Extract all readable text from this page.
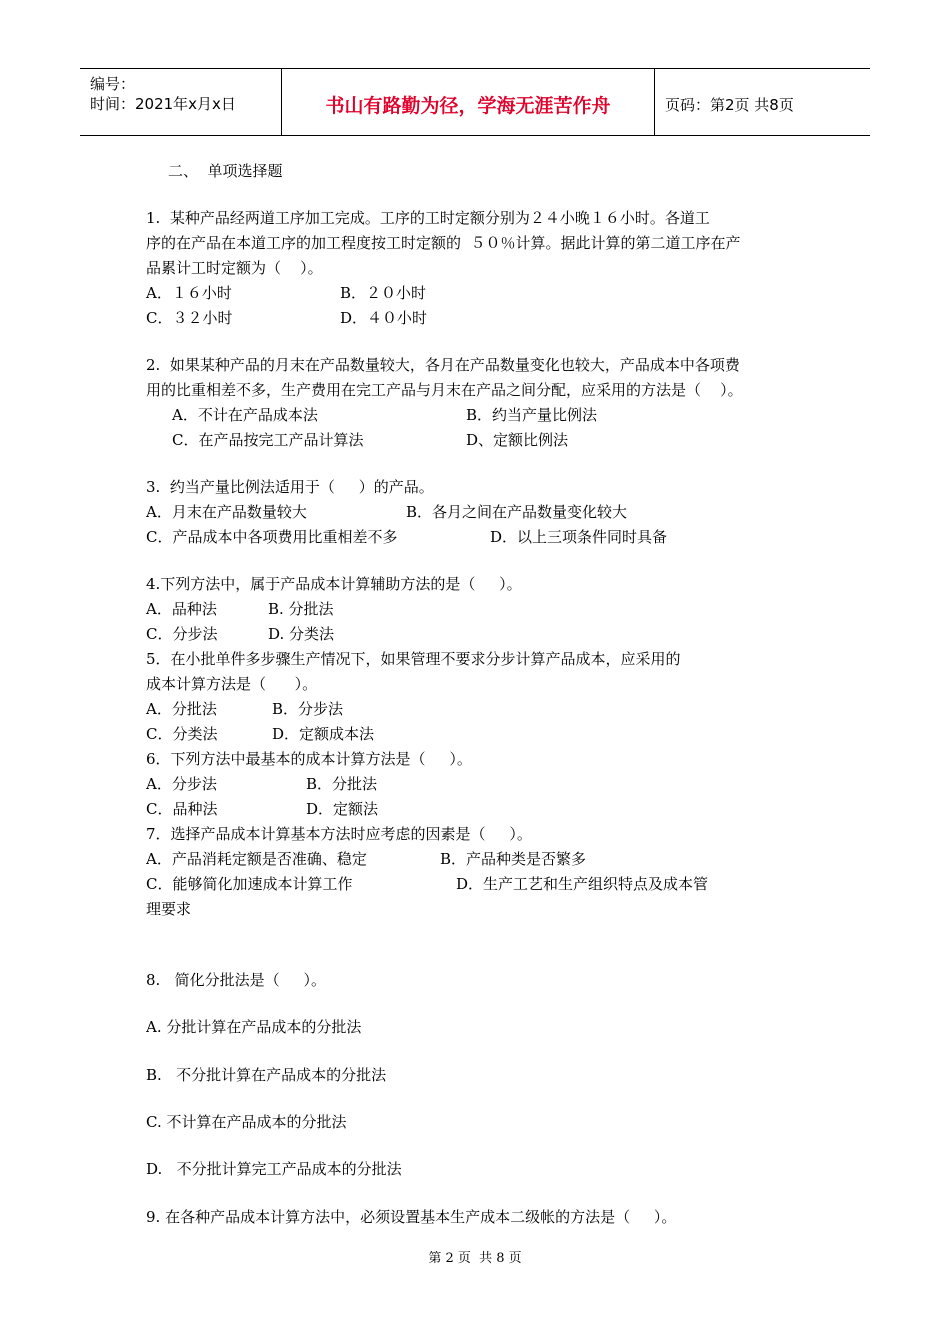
编号：
时间：2021年x月x日	书山有路勤为径，学海无涯苦作舟	页码：第2页 共8页
二、  单项选择题
1.  某种产品经两道工序加工完成。工序的工时定额分别为２４小晚１６小时。各道工
序的在产品在本道工序的加工程度按工时定额的  ５０％计算。据此计算的第二道工序在产
品累计工时定额为（    ）。
A．１６小时	B．２０小时
C．３２小时	D．４０小时
2.  如果某种产品的月末在产品数量较大，各月在产品数量变化也较大，产品成本中各项费
用的比重相差不多，生产费用在完工产品与月末在产品之间分配，应采用的方法是（    ）。
A．不计在产品成本法	B．约当产量比例法
C．在产品按完工产品计算法	D、定额比例法
3.  约当产量比例法适用于（     ）的产品。
A．月末在产品数量较大	B．各月之间在产品数量变化较大
C．产品成本中各项费用比重相差不多	D．以上三项条件同时具备
4.下列方法中，属于产品成本计算辅助方法的是（     ）。
A．品种法	B. 分批法
C．分步法	D. 分类法
5．在小批单件多步骤生产情况下，如果管理不要求分步计算产品成本，应采用的
成本计算方法是（      ）。
A．分批法	B．分步法
C．分类法	D．定额成本法
6．下列方法中最基本的成本计算方法是（     ）。
A．分步法	B．分批法
C．品种法	D．定额法
7．选择产品成本计算基本方法时应考虑的因素是（     ）。
A．产品消耗定额是否准确、稳定	B．产品种类是否繁多
C．能够简化加速成本计算工作	D．生产工艺和生产组织特点及成本管
理要求
8.   简化分批法是（     ）。
A. 分批计算在产品成本的分批法
B.   不分批计算在产品成本的分批法
C. 不计算在产品成本的分批法
D.   不分批计算完工产品成本的分批法
9. 在各种产品成本计算方法中，必须设置基本生产成本二级帐的方法是（     ）。
第 2 页  共 8 页
